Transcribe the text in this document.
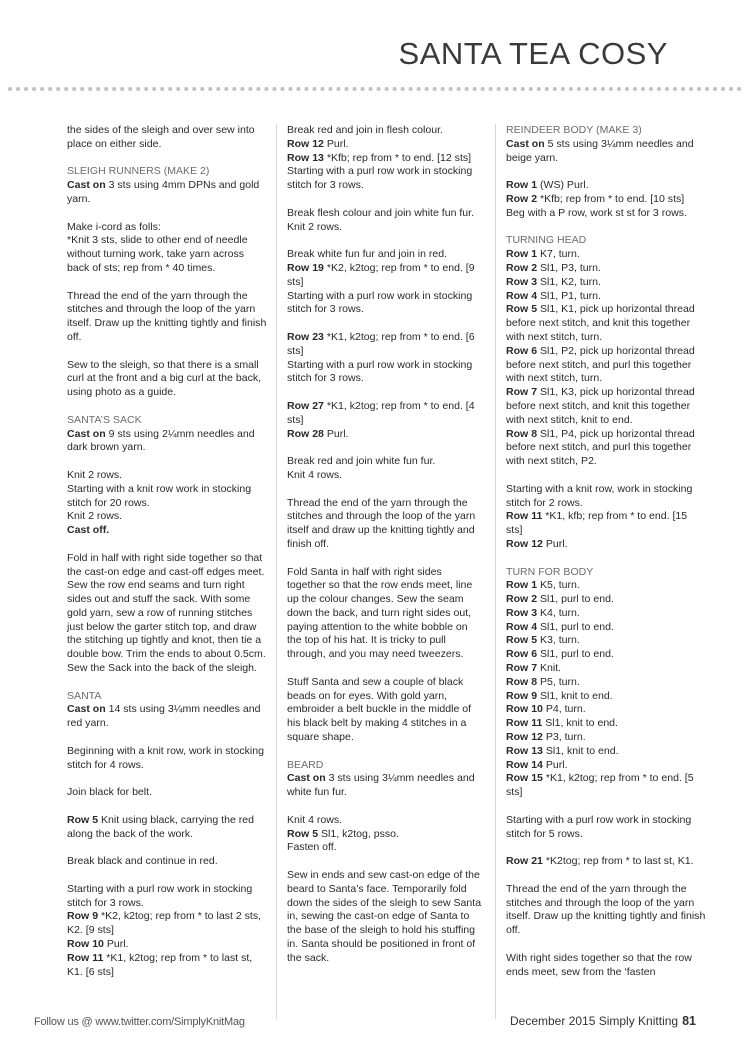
SANTA TEA COSY

the sides of the sleigh and over sew into place on either side.

SLEIGH RUNNERS (MAKE 2)

Cast on 3 sts using 4mm DPNs and gold yarn.

Make i-cord as folls:

*Knit 3 sts, slide to other end of needle without turning work, take yarn across back of sts; rep from * 40 times.

Thread the end of the yarn through the stitches and through the loop of the yarn itself. Draw up the knitting tightly and finish off.

Sew to the sleigh, so that there is a small curl at the front and a big curl at the back, using photo as a guide.

SANTA’S SACK

Cast on 9 sts using 2¼mm needles and dark brown yarn.

Knit 2 rows.

Starting with a knit row work in stocking stitch for 20 rows.

Knit 2 rows.

Cast off.

Fold in half with right side together so that the cast-on edge and cast-off edges meet. Sew the row end seams and turn right sides out and stuff the sack. With some gold yarn, sew a row of running stitches just below the garter stitch top, and draw the stitching up tightly and knot, then tie a double bow. Trim the ends to about 0.5cm. Sew the Sack into the back of the sleigh.

SANTA

Cast on 14 sts using 3¼mm needles and red yarn.

Beginning with a knit row, work in stocking stitch for 4 rows.

Join black for belt.

Row 5 Knit using black, carrying the red along the back of the work.

Break black and continue in red.

Starting with a purl row work in stocking stitch for 3 rows.

Row 9 *K2, k2tog; rep from * to last 2 sts, K2. [9 sts]

Row 10 Purl.

Row 11 *K1, k2tog; rep from * to last st, K1. [6 sts]

Break red and join in flesh colour.

Row 12 Purl.

Row 13 *Kfb; rep from * to end. [12 sts]

Starting with a purl row work in stocking stitch for 3 rows.

Break flesh colour and join white fun fur.

Knit 2 rows.

Break white fun fur and join in red.

Row 19 *K2, k2tog; rep from * to end. [9 sts]

Starting with a purl row work in stocking stitch for 3 rows.

Row 23 *K1, k2tog; rep from * to end. [6 sts]

Starting with a purl row work in stocking stitch for 3 rows.

Row 27 *K1, k2tog; rep from * to end. [4 sts]

Row 28 Purl.

Break red and join white fun fur.

Knit 4 rows.

Thread the end of the yarn through the stitches and through the loop of the yarn itself and draw up the knitting tightly and finish off.

Fold Santa in half with right sides together so that the row ends meet, line up the colour changes. Sew the seam down the back, and turn right sides out, paying attention to the white bobble on the top of his hat. It is tricky to pull through, and you may need tweezers.

Stuff Santa and sew a couple of black beads on for eyes. With gold yarn, embroider a belt buckle in the middle of his black belt by making 4 stitches in a square shape.

BEARD

Cast on 3 sts using 3¼mm needles and white fun fur.

Knit 4 rows.

Row 5 Sl1, k2tog, psso.

Fasten off.

Sew in ends and sew cast-on edge of the beard to Santa’s face. Temporarily fold down the sides of the sleigh to sew Santa in, sewing the cast-on edge of Santa to the base of the sleigh to hold his stuffing in. Santa should be positioned in front of the sack.

REINDEER BODY (MAKE 3)

Cast on 5 sts using 3¼mm needles and beige yarn.

Row 1 (WS) Purl.

Row 2 *Kfb; rep from * to end. [10 sts]

Beg with a P row, work st st for 3 rows.

TURNING HEAD

Row 1 K7, turn.

Row 2 Sl1, P3, turn.

Row 3 Sl1, K2, turn.

Row 4 Sl1, P1, turn.

Row 5 Sl1, K1, pick up horizontal thread before next stitch, and knit this together with next stitch, turn.

Row 6 Sl1, P2, pick up horizontal thread before next stitch, and purl this together with next stitch, turn.

Row 7 Sl1, K3, pick up horizontal thread before next stitch, and knit this together with next stitch, knit to end.

Row 8 Sl1, P4, pick up horizontal thread before next stitch, and purl this together with next stitch, P2.

Starting with a knit row, work in stocking stitch for 2 rows.

Row 11 *K1, kfb; rep from * to end. [15 sts]

Row 12 Purl.

TURN FOR BODY

Row 1 K5, turn.

Row 2 Sl1, purl to end.

Row 3 K4, turn.

Row 4 Sl1, purl to end.

Row 5 K3, turn.

Row 6 Sl1, purl to end.

Row 7 Knit.

Row 8 P5, turn.

Row 9 Sl1, knit to end.

Row 10 P4, turn.

Row 11 Sl1, knit to end.

Row 12 P3, turn.

Row 13 Sl1, knit to end.

Row 14 Purl.

Row 15 *K1, k2tog; rep from * to end. [5 sts]

Starting with a purl row work in stocking stitch for 5 rows.

Row 21 *K2tog; rep from * to last st, K1.

Thread the end of the yarn through the stitches and through the loop of the yarn itself. Draw up the knitting tightly and finish off.

With right sides together so that the row ends meet, sew from the ‘fasten

Follow us @ www.twitter.com/SimplyKnitMag	December 2015 Simply Knitting 81
